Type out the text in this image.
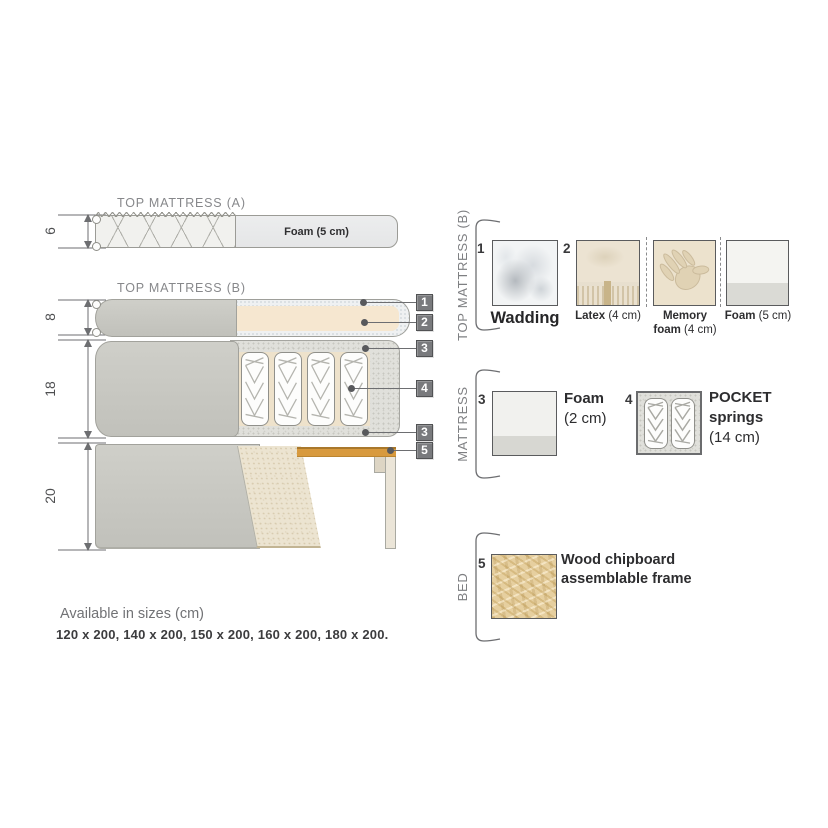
6
8
18
20
TOP MATTRESS (A)
Foam (5 cm)
TOP MATTRESS (B)
1
2
3
4
3
5
TOP MATTRESS (B) 1
Wadding
2
Latex (4 cm)	Memory
foam (4 cm)
Foam (5 cm)
MATTRESS 3	Foam
(2 cm)
4	POCKET
springs
(14 cm)
BED
5	Wood chipboard
assemblable frame
Available in sizes (cm)
120 x 200, 140 x 200, 150 x 200, 160 x 200, 180 x 200.
